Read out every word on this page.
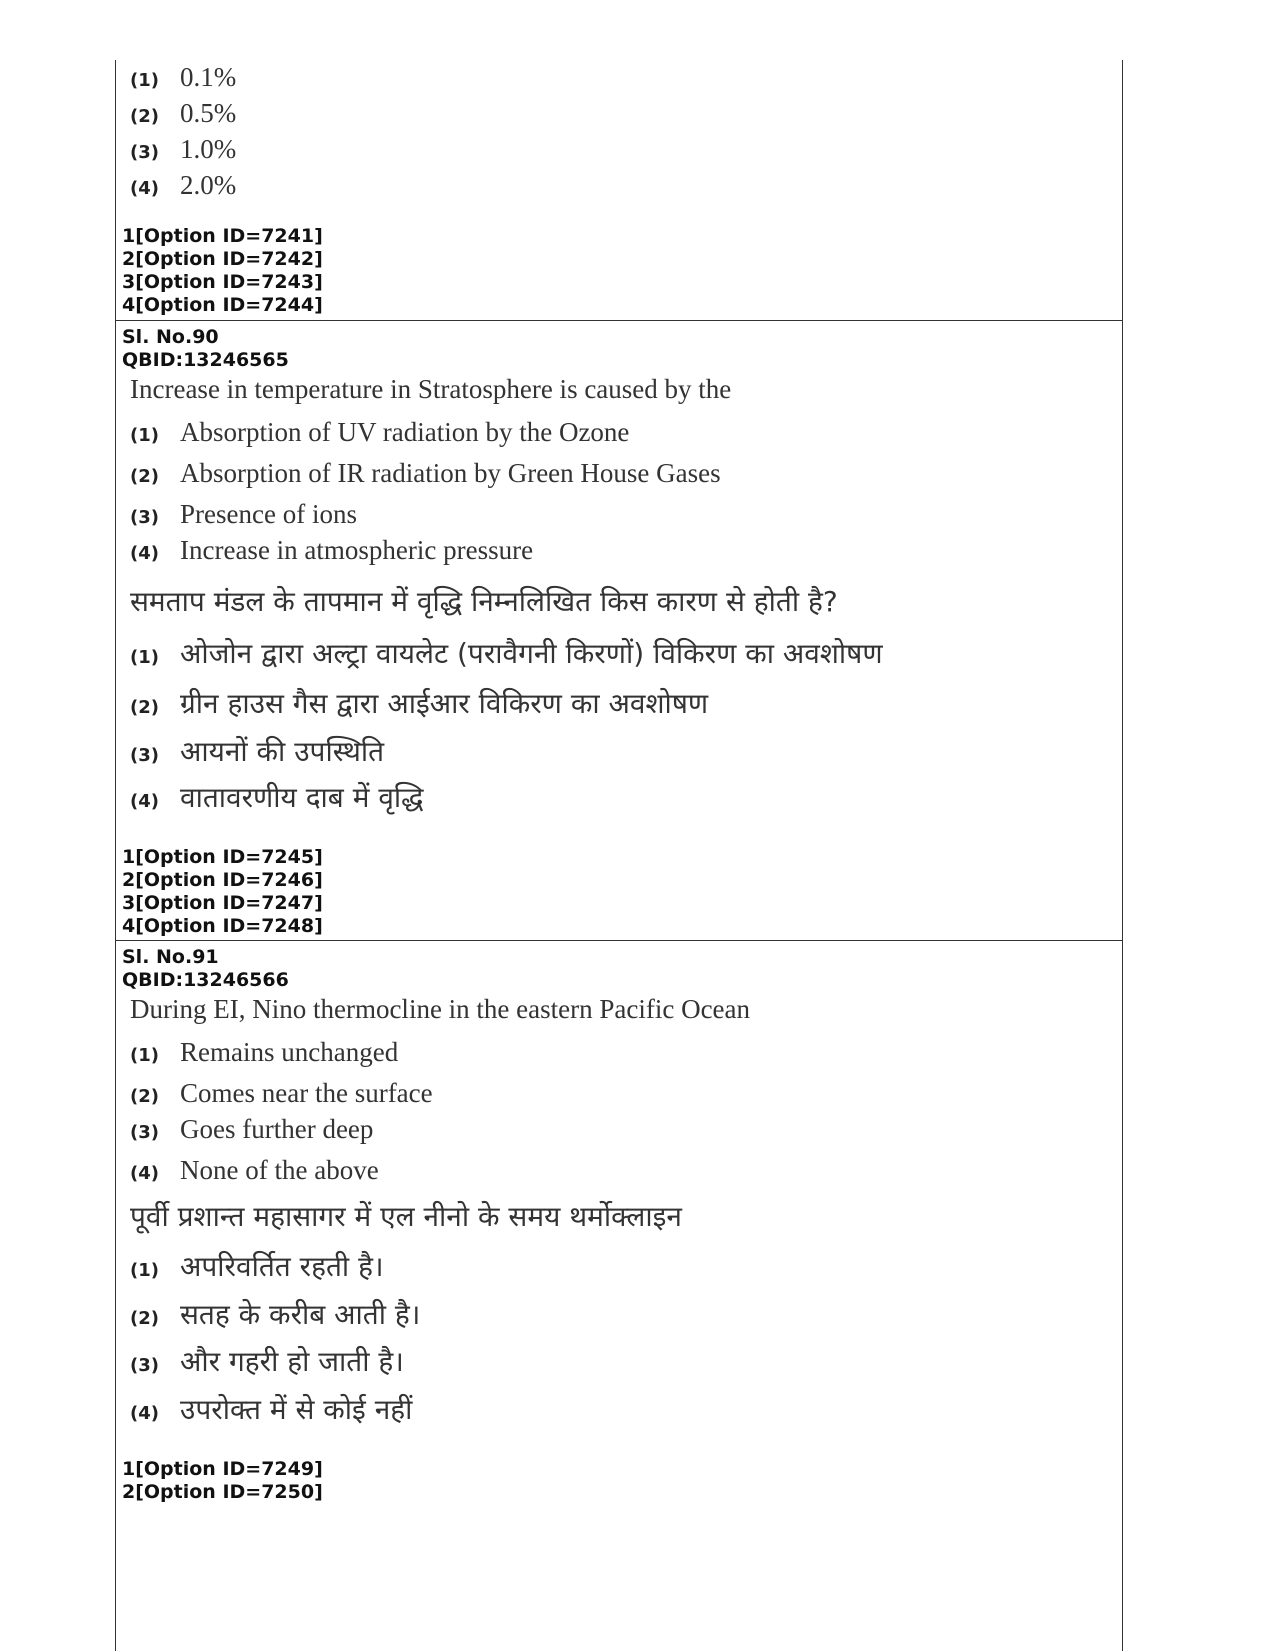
(1) 0.1%
(2) 0.5%
(3) 1.0%
(4) 2.0%
1[Option ID=7241]
2[Option ID=7242]
3[Option ID=7243]
4[Option ID=7244]
Sl. No.90
QBID:13246565
Increase in temperature in Stratosphere is caused by the
(1) Absorption of UV radiation by the Ozone
(2) Absorption of IR radiation by Green House Gases
(3) Presence of ions
(4) Increase in atmospheric pressure
समताप मंडल के तापमान में वृद्धि निम्नलिखित किस कारण से होती है?
(1) ओजोन द्वारा अल्ट्रा वायलेट (परावैगनी किरणों) विकिरण का अवशोषण
(2) ग्रीन हाउस गैस द्वारा आईआर विकिरण का अवशोषण
(3) आयनों की उपस्थिति
(4) वातावरणीय दाब में वृद्धि
1[Option ID=7245]
2[Option ID=7246]
3[Option ID=7247]
4[Option ID=7248]
Sl. No.91
QBID:13246566
During EI, Nino thermocline in the eastern Pacific Ocean
(1) Remains unchanged
(2) Comes near the surface
(3) Goes further deep
(4) None of the above
पूर्वी प्रशान्त महासागर में एल नीनो के समय थर्मोक्लाइन
(1) अपरिवर्तित रहती है।
(2) सतह के करीब आती है।
(3) और गहरी हो जाती है।
(4) उपरोक्त में से कोई नहीं
1[Option ID=7249]
2[Option ID=7250]
